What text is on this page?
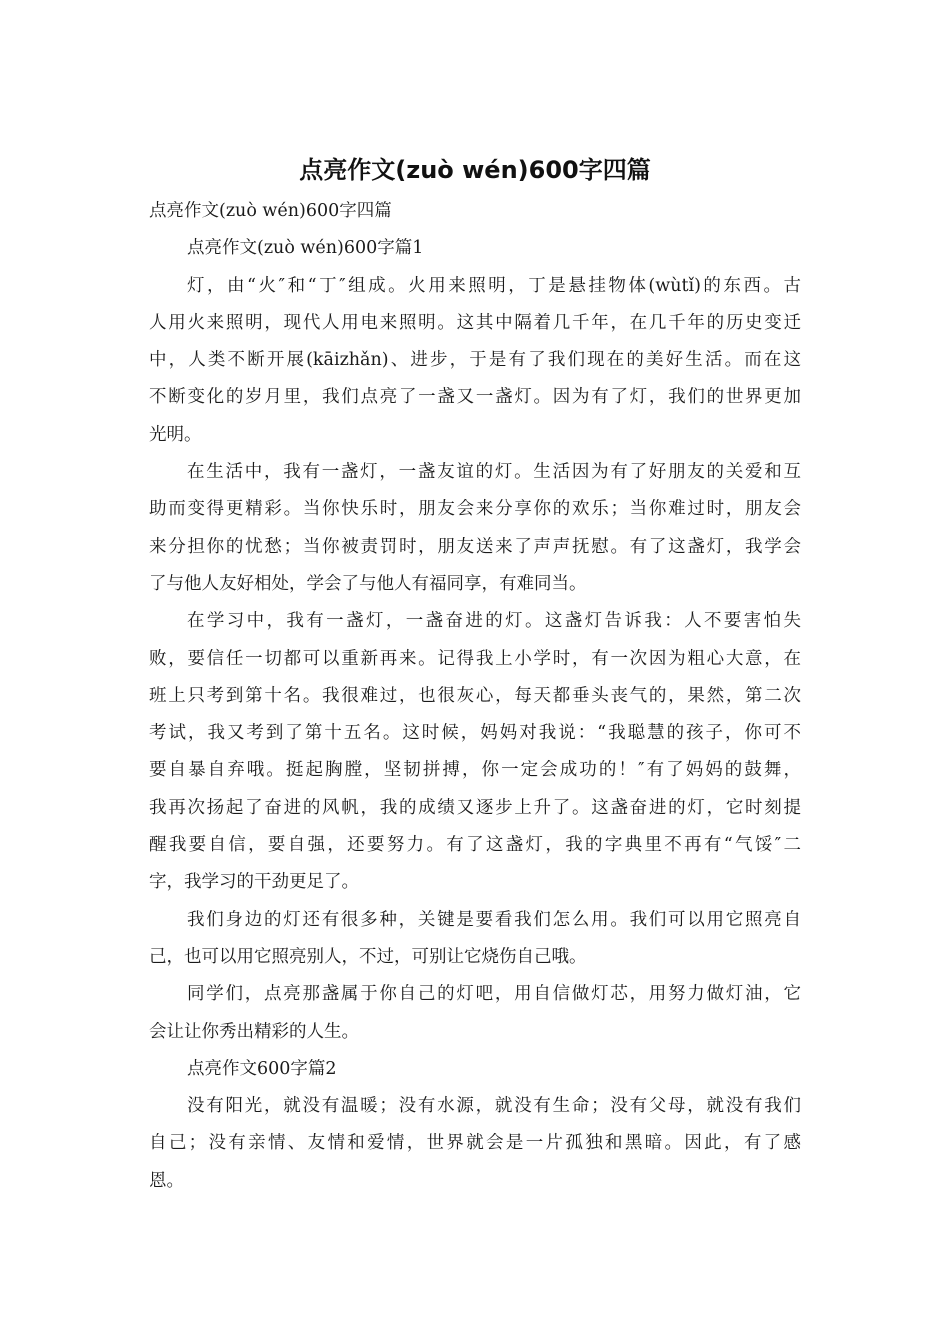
点亮作文(zuò wén)600字四篇

点亮作文(zuò wén)600字四篇

点亮作文(zuò wén)600字篇1

灯，由“火″和“丁″组成。火用来照明，丁是悬挂物体(wùtǐ)的东西。古

人用火来照明，现代人用电来照明。这其中隔着几千年，在几千年的历史变迁

中，人类不断开展(kāizhǎn)、进步，于是有了我们现在的美好生活。而在这

不断变化的岁月里，我们点亮了一盏又一盏灯。因为有了灯，我们的世界更加

光明。

在生活中，我有一盏灯，一盏友谊的灯。生活因为有了好朋友的关爱和互

助而变得更精彩。当你快乐时，朋友会来分享你的欢乐；当你难过时，朋友会

来分担你的忧愁；当你被责罚时，朋友送来了声声抚慰。有了这盏灯，我学会

了与他人友好相处，学会了与他人有福同享，有难同当。

在学习中，我有一盏灯，一盏奋进的灯。这盏灯告诉我：人不要害怕失

败，要信任一切都可以重新再来。记得我上小学时，有一次因为粗心大意，在

班上只考到第十名。我很难过，也很灰心，每天都垂头丧气的，果然，第二次

考试，我又考到了第十五名。这时候，妈妈对我说：“我聪慧的孩子，你可不

要自暴自弃哦。挺起胸膛，坚韧拼搏，你一定会成功的！″有了妈妈的鼓舞，

我再次扬起了奋进的风帆，我的成绩又逐步上升了。这盏奋进的灯，它时刻提

醒我要自信，要自强，还要努力。有了这盏灯，我的字典里不再有“气馁″二

字，我学习的干劲更足了。

我们身边的灯还有很多种，关键是要看我们怎么用。我们可以用它照亮自

己，也可以用它照亮别人，不过，可别让它烧伤自己哦。

同学们，点亮那盏属于你自己的灯吧，用自信做灯芯，用努力做灯油，它

会让让你秀出精彩的人生。

点亮作文600字篇2

没有阳光，就没有温暖；没有水源，就没有生命；没有父母，就没有我们

自己；没有亲情、友情和爱情，世界就会是一片孤独和黑暗。因此，有了感

恩。
